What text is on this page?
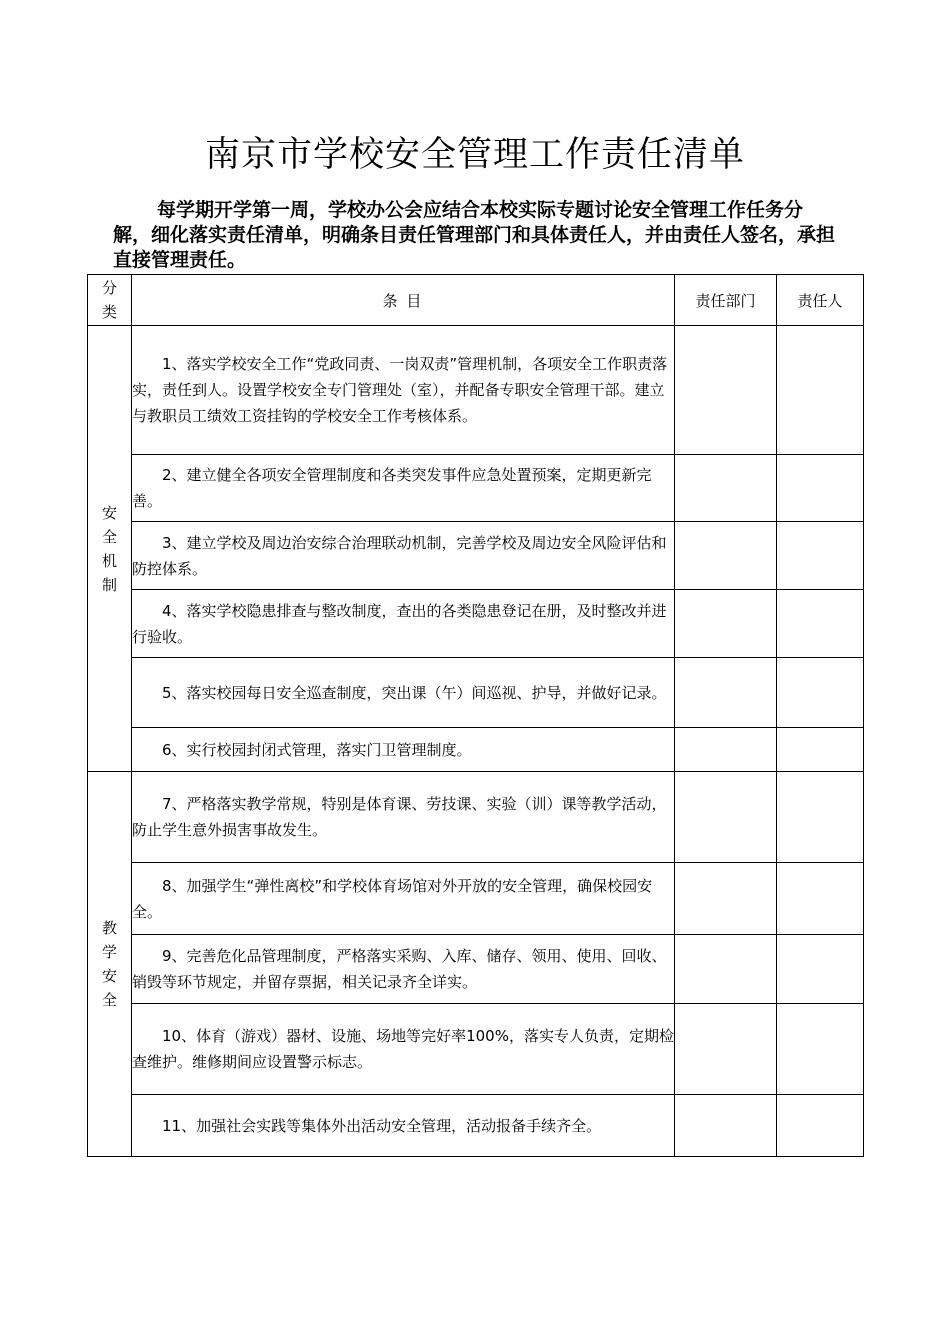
南京市学校安全管理工作责任清单

每学期开学第一周，学校办公会应结合本校实际专题讨论安全管理工作任务分解，细化落实责任清单，明确条目责任管理部门和具体责任人，并由责任人签名，承担直接管理责任。

分类	条 目	责任部门	责任人
安全机制	1、落实学校安全工作“党政同责、一岗双责”管理机制，各项安全工作职责落实，责任到人。设置学校安全专门管理处（室），并配备专职安全管理干部。建立与教职员工绩效工资挂钩的学校安全工作考核体系。		

	2、建立健全各项安全管理制度和各类突发事件应急处置预案，定期更新完善。		

	3、建立学校及周边治安综合治理联动机制，完善学校及周边安全风险评估和防控体系。		

	4、落实学校隐患排查与整改制度，查出的各类隐患登记在册，及时整改并进行验收。		

	5、落实校园每日安全巡查制度，突出课（午）间巡视、护导，并做好记录。		

	6、实行校园封闭式管理，落实门卫管理制度。		

教学安全	7、严格落实教学常规，特别是体育课、劳技课、实验（训）课等教学活动，防止学生意外损害事故发生。		

	8、加强学生“弹性离校”和学校体育场馆对外开放的安全管理，确保校园安全。		

	9、完善危化品管理制度，严格落实采购、入库、储存、领用、使用、回收、销毁等环节规定，并留存票据，相关记录齐全详实。		

	10、体育（游戏）器材、设施、场地等完好率100%，落实专人负责，定期检查维护。维修期间应设置警示标志。		

	11、加强社会实践等集体外出活动安全管理，活动报备手续齐全。		
